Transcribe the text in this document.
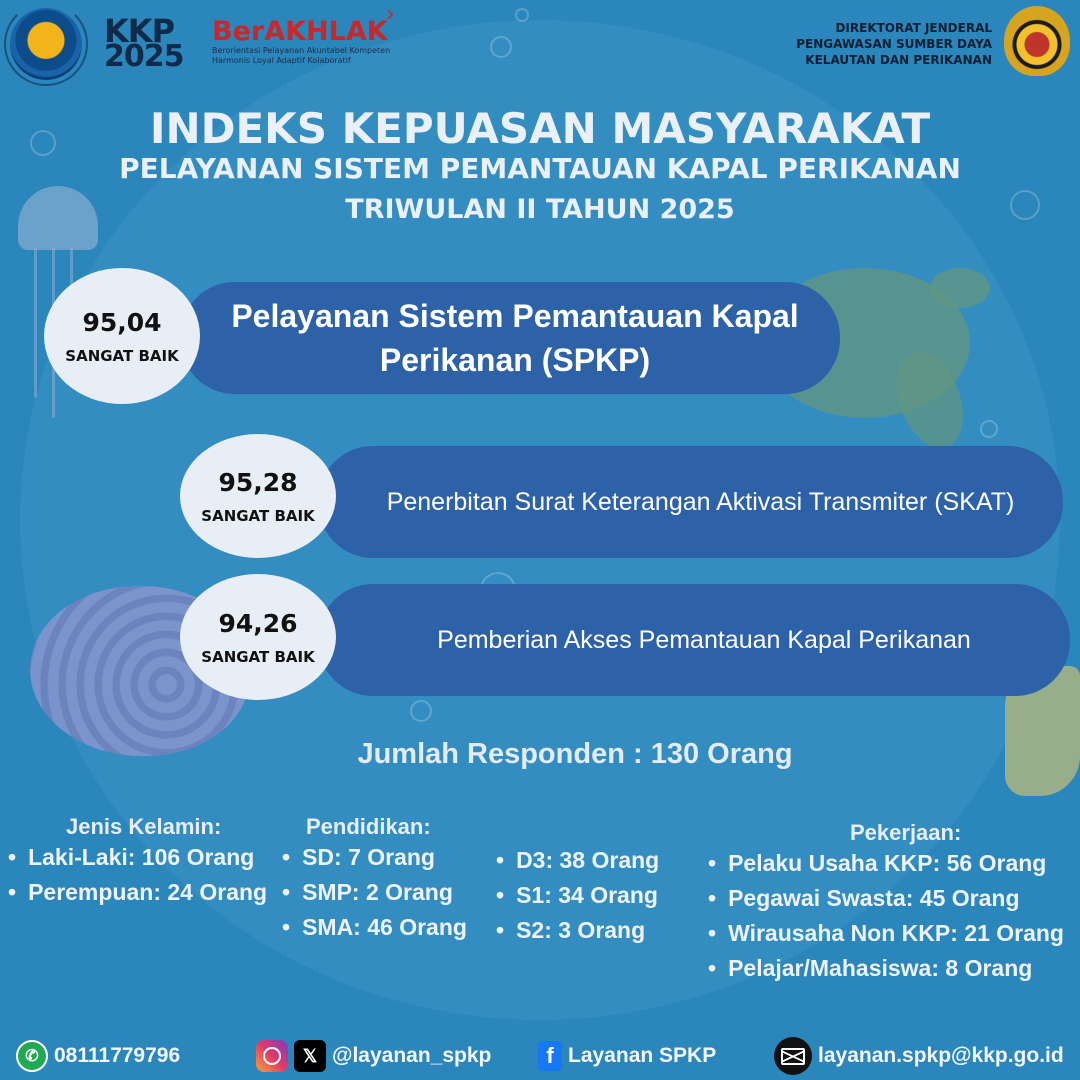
KKP
2025
BerAKHLAK
›
Berorientasi Pelayanan Akuntabel Kompeten
Harmonis Loyal Adaptif Kolaboratif
DIREKTORAT JENDERAL
PENGAWASAN SUMBER DAYA
KELAUTAN DAN PERIKANAN
INDEKS KEPUASAN MASYARAKAT
PELAYANAN SISTEM PEMANTAUAN KAPAL PERIKANAN
TRIWULAN II TAHUN 2025
Pelayanan Sistem Pemantauan Kapal
Perikanan (SPKP)
95,04
SANGAT BAIK
Penerbitan Surat Keterangan Aktivasi Transmiter (SKAT)
95,28
SANGAT BAIK
Pemberian Akses Pemantauan Kapal Perikanan
94,26
SANGAT BAIK
Jumlah Responden : 130 Orang
Jenis Kelamin:
• Laki-Laki: 106 Orang
• Perempuan: 24 Orang
Pendidikan:
• SD: 7 Orang
• SMP: 2 Orang
• SMA: 46 Orang
• D3: 38 Orang
• S1: 34 Orang
• S2: 3 Orang
Pekerjaan:
• Pelaku Usaha KKP: 56 Orang
• Pegawai Swasta: 45 Orang
• Wirausaha Non KKP: 21 Orang
• Pelajar/Mahasiswa: 8 Orang
✆ 08111779796	𝕏 @layanan_spkp	f Layanan SPKP	layanan.spkp@kkp.go.id
